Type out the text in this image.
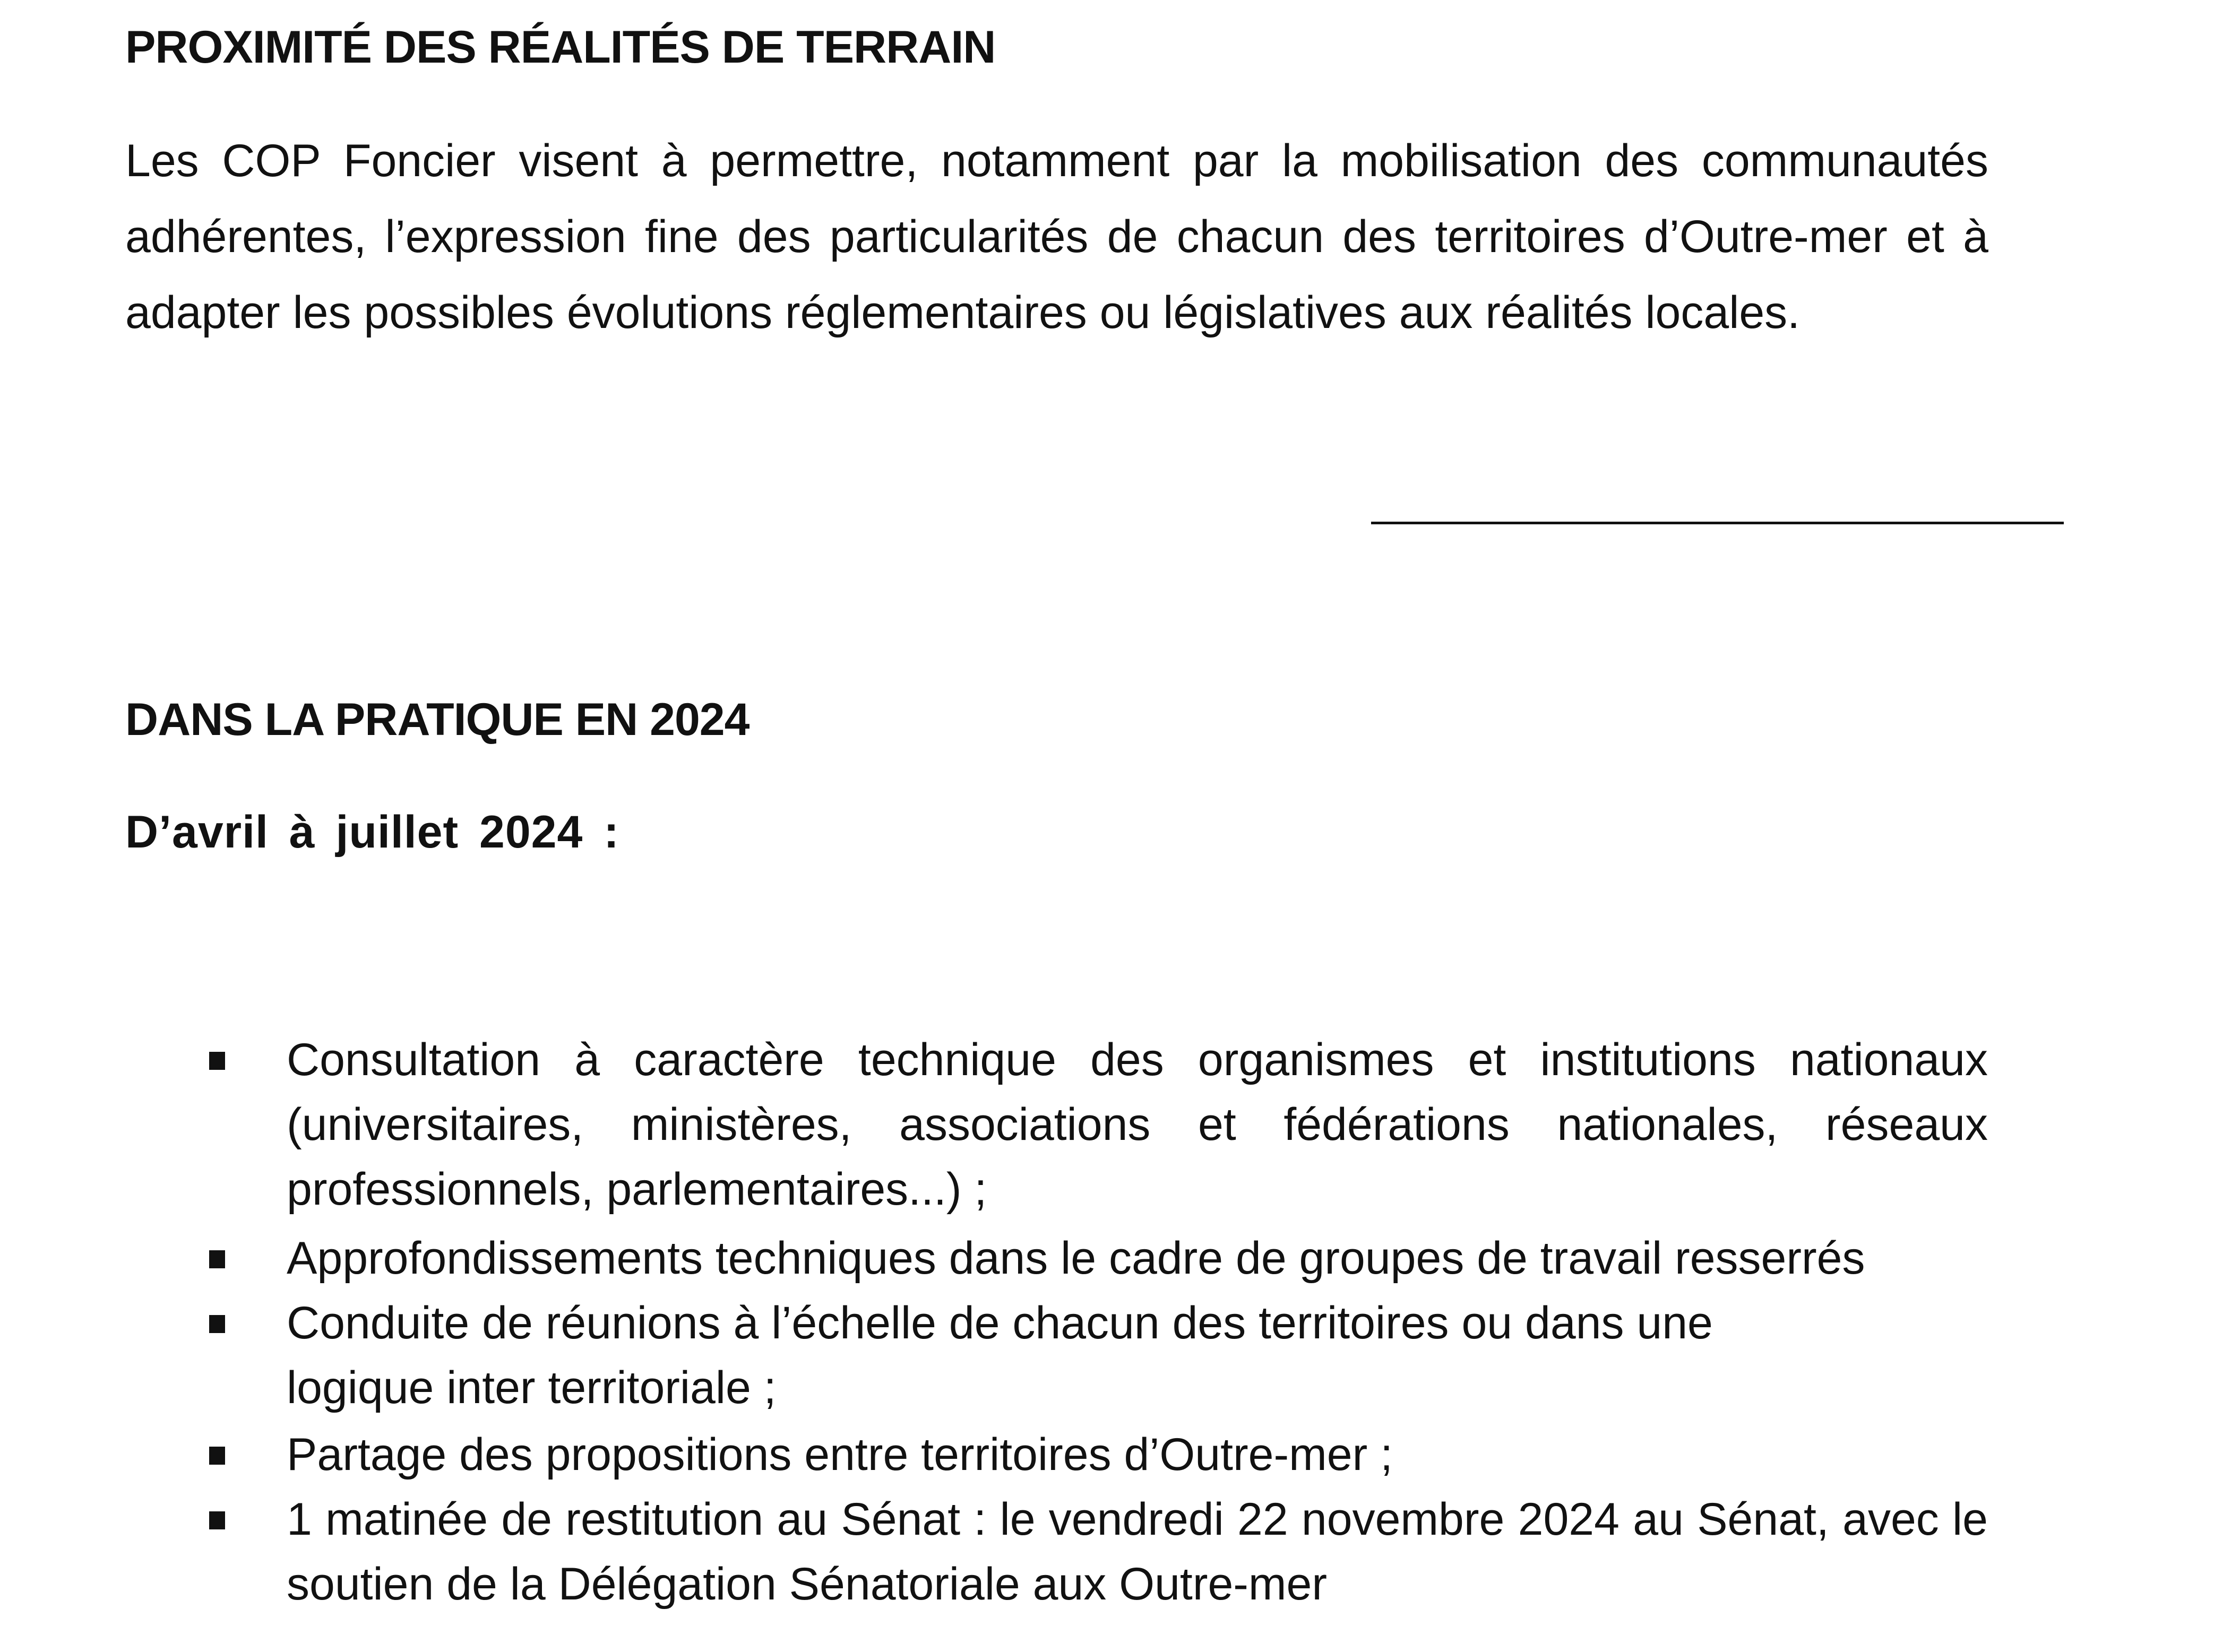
PROXIMITÉ DES RÉALITÉS DE TERRAIN

Les COP Foncier visent à permettre, notamment par la mobilisation des communautés adhérentes, l’expression fine des particularités de chacun des territoires d’Outre-mer et à adapter les possibles évolutions réglementaires ou législatives aux réalités locales.

DANS LA PRATIQUE EN 2024
D’avril à juillet 2024 :
Consultation à caractère technique des organismes et institutions nationaux (universitaires, ministères, associations et fédérations nationales, réseaux professionnels, parlementaires...) ;
Approfondissements techniques dans le cadre de groupes de travail resserrés
Conduite de réunions à l’échelle de chacun des territoires ou dans une logique inter territoriale ;
Partage des propositions entre territoires d’Outre-mer ;
1 matinée de restitution au Sénat : le vendredi 22 novembre 2024 au Sénat, avec le soutien de la Délégation Sénatoriale aux Outre-mer
